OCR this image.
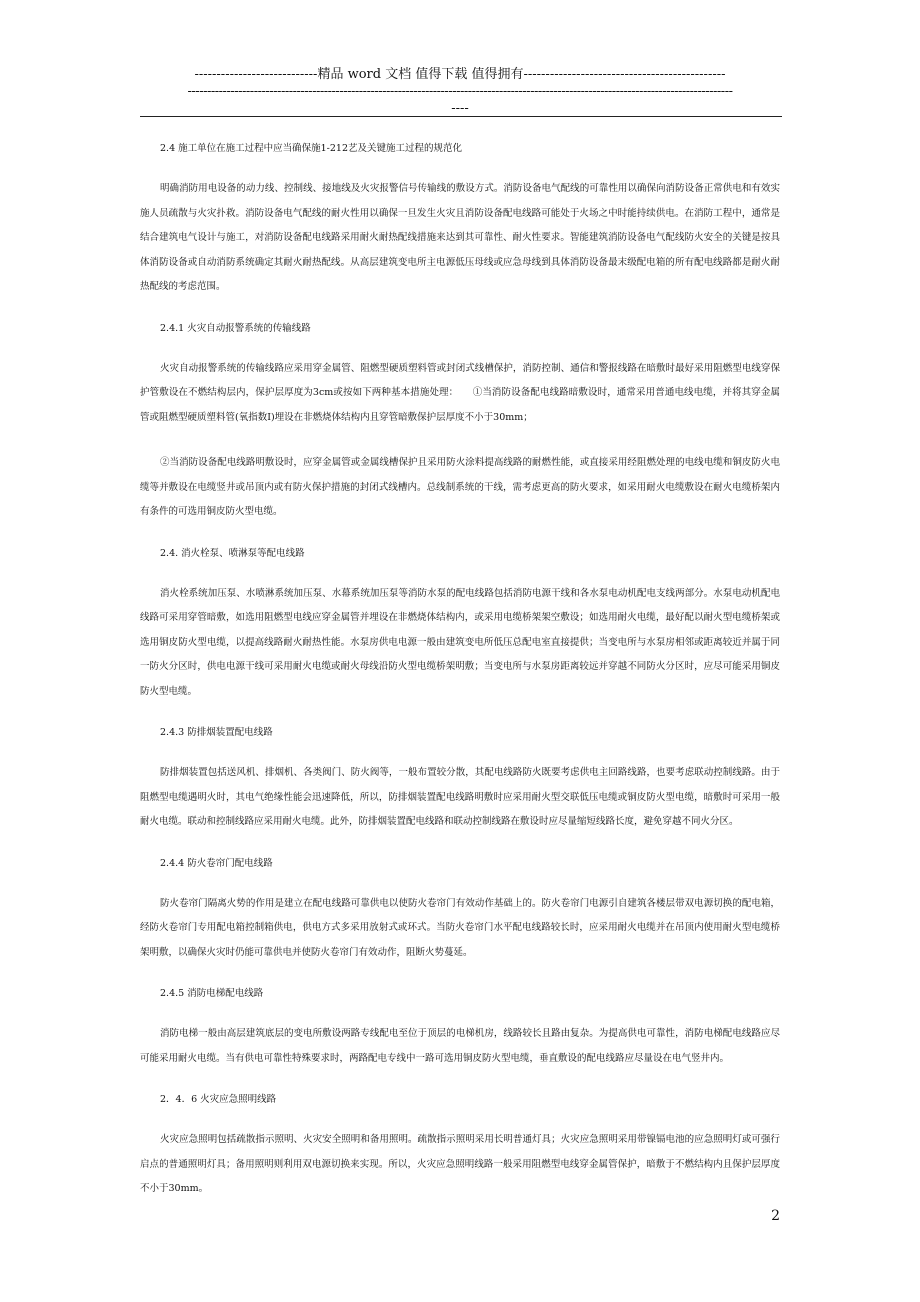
----------------------------精品 word 文档 值得下载 值得拥有----------------------------------------------
--------------------------------------------------------------------------------------------------------------------------------------------
----
2.4 施工单位在施工过程中应当确保施1-212艺及关键施工过程的规范化
明确消防用电设备的动力线、控制线、接地线及火灾报警信号传输线的敷设方式。消防设备电气配线的可靠性用以确保向消防设备正常供电和有效实施人员疏散与火灾扑救。消防设备电气配线的耐火性用以确保一旦发生火灾且消防设备配电线路可能处于火场之中时能持续供电。在消防工程中，通常是结合建筑电气设计与施工，对消防设备配电线路采用耐火耐热配线措施来达到其可靠性、耐火性要求。智能建筑消防设备电气配线防火安全的关键是按具体消防设备或自动消防系统确定其耐火耐热配线。从高层建筑变电所主电源低压母线或应急母线到具体消防设备最末级配电箱的所有配电线路都是耐火耐热配线的考虑范围。
2.4.1 火灾自动报警系统的传输线路
火灾自动报警系统的传输线路应采用穿金属管、阻燃型硬质塑料管或封闭式线槽保护，消防控制、通信和警报线路在暗敷时最好采用阻燃型电线穿保护管敷设在不燃结构层内，保护层厚度为3cm或按如下两种基本措施处理：　　①当消防设备配电线路暗敷设时，通常采用普通电线电缆，并将其穿金属管或阻燃型硬质塑料管(氧指数I)埋设在非燃烧体结构内且穿管暗敷保护层厚度不小于30mm；
②当消防设备配电线路明敷设时，应穿金属管或金属线槽保护且采用防火涂料提高线路的耐燃性能，或直接采用经阻燃处理的电线电缆和铜皮防火电缆等并敷设在电缆竖井或吊顶内或有防火保护措施的封闭式线槽内。总线制系统的干线，需考虑更高的防火要求，如采用耐火电缆敷设在耐火电缆桥架内有条件的可选用铜皮防火型电缆。
2.4. 消火栓泵、喷淋泵等配电线路
消火栓系统加压泵、水喷淋系统加压泵、水幕系统加压泵等消防水泵的配电线路包括消防电源干线和各水泵电动机配电支线两部分。水泵电动机配电线路可采用穿管暗敷，如选用阻燃型电线应穿金属管并埋设在非燃烧体结构内，或采用电缆桥架架空敷设；如选用耐火电缆，最好配以耐火型电缆桥架或选用铜皮防火型电缆，以提高线路耐火耐热性能。水泵房供电电源一般由建筑变电所低压总配电室直接提供；当变电所与水泵房相邻或距离较近并属于同一防火分区时，供电电源干线可采用耐火电缆或耐火母线沿防火型电缆桥架明敷；当变电所与水泵房距离较远并穿越不同防火分区时，应尽可能采用铜皮防火型电缆。
2.4.3 防排烟装置配电线路
防排烟装置包括送风机、排烟机、各类阀门、防火阀等，一般布置较分散，其配电线路防火既要考虑供电主回路线路，也要考虑联动控制线路。由于阻燃型电缆遇明火时，其电气绝缘性能会迅速降低，所以，防排烟装置配电线路明敷时应采用耐火型交联低压电缆或铜皮防火型电缆，暗敷时可采用一般耐火电缆。联动和控制线路应采用耐火电缆。此外，防排烟装置配电线路和联动控制线路在敷设时应尽量缩短线路长度，避免穿越不同火分区。
2.4.4 防火卷帘门配电线路
防火卷帘门隔离火势的作用是建立在配电线路可靠供电以使防火卷帘门有效动作基础上的。防火卷帘门电源引自建筑各楼层带双电源切换的配电箱，经防火卷帘门专用配电箱控制箱供电，供电方式多采用放射式或环式。当防火卷帘门水平配电线路较长时，应采用耐火电缆并在吊顶内使用耐火型电缆桥架明敷，以确保火灾时仍能可靠供电并使防火卷帘门有效动作，阻断火势蔓延。
2.4.5 消防电梯配电线路
消防电梯一般由高层建筑底层的变电所敷设两路专线配电至位于顶层的电梯机房，线路较长且路由复杂。为提高供电可靠性，消防电梯配电线路应尽可能采用耐火电缆。当有供电可靠性特殊要求时，两路配电专线中一路可选用铜皮防火型电缆，垂直敷设的配电线路应尽量设在电气竖井内。
2．4．6 火灾应急照明线路
火灾应急照明包括疏散指示照明、火灾安全照明和备用照明。疏散指示照明采用长明普通灯具；火灾应急照明采用带镍镉电池的应急照明灯或可强行启点的普通照明灯具；备用照明则利用双电源切换来实现。所以，火灾应急照明线路一般采用阻燃型电线穿金属管保护，暗敷于不燃结构内且保护层厚度不小于30mm。
2
